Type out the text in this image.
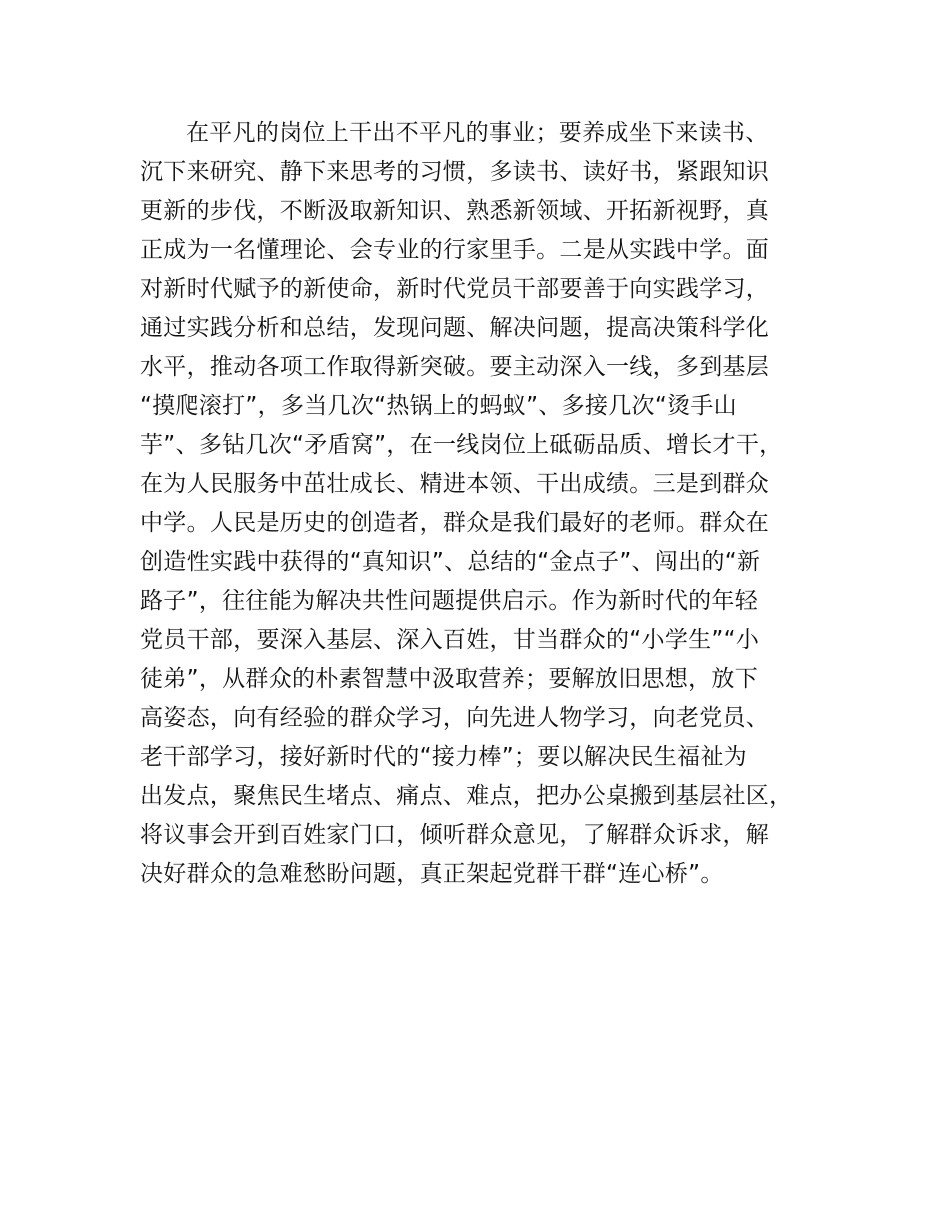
在平凡的岗位上干出不平凡的事业；要养成坐下来读书、
沉下来研究、静下来思考的习惯，多读书、读好书，紧跟知识
更新的步伐，不断汲取新知识、熟悉新领域、开拓新视野，真
正成为一名懂理论、会专业的行家里手。二是从实践中学。面
对新时代赋予的新使命，新时代党员干部要善于向实践学习，
通过实践分析和总结，发现问题、解决问题，提高决策科学化
水平，推动各项工作取得新突破。要主动深入一线，多到基层
“摸爬滚打”，多当几次“热锅上的蚂蚁”、多接几次“烫手山
芋”、多钻几次“矛盾窝”，在一线岗位上砥砺品质、增长才干，
在为人民服务中茁壮成长、精进本领、干出成绩。三是到群众
中学。人民是历史的创造者，群众是我们最好的老师。群众在
创造性实践中获得的“真知识”、总结的“金点子”、闯出的“新
路子”，往往能为解决共性问题提供启示。作为新时代的年轻
党员干部，要深入基层、深入百姓，甘当群众的“小学生”“小
徒弟”，从群众的朴素智慧中汲取营养；要解放旧思想，放下
高姿态，向有经验的群众学习，向先进人物学习，向老党员、
老干部学习，接好新时代的“接力棒”；要以解决民生福祉为
出发点，聚焦民生堵点、痛点、难点，把办公桌搬到基层社区，
将议事会开到百姓家门口，倾听群众意见，了解群众诉求，解
决好群众的急难愁盼问题，真正架起党群干群“连心桥”。
